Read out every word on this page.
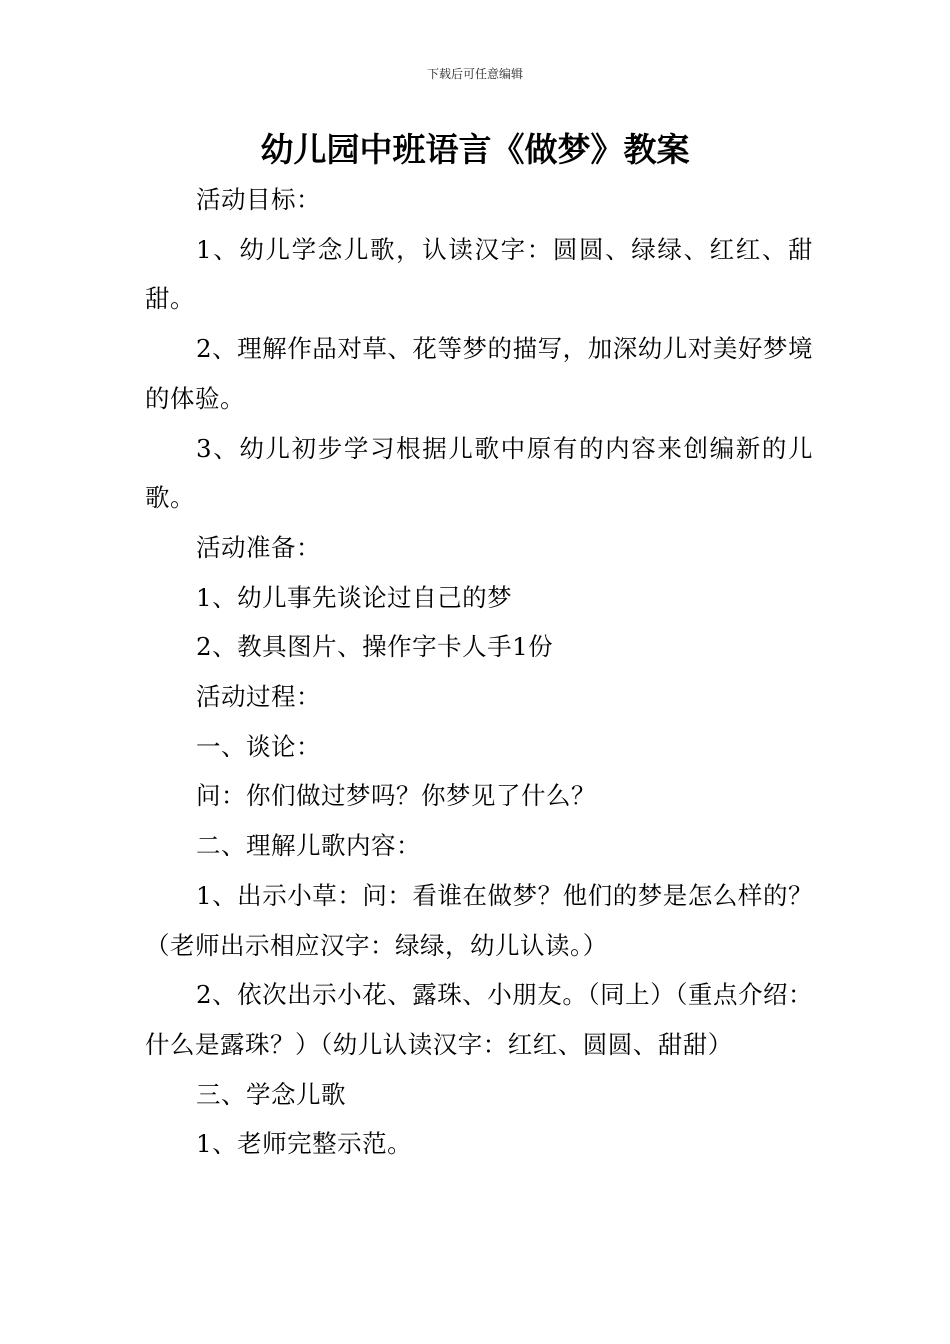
下载后可任意编辑
幼儿园中班语言《做梦》教案

活动目标：

1、幼儿学念儿歌，认读汉字：圆圆、绿绿、红红、甜甜。

2、理解作品对草、花等梦的描写，加深幼儿对美好梦境的体验。

3、幼儿初步学习根据儿歌中原有的内容来创编新的儿歌。

活动准备：

1、幼儿事先谈论过自己的梦

2、教具图片、操作字卡人手1份

活动过程：

一、谈论：

问：你们做过梦吗？你梦见了什么？

二、理解儿歌内容：

1、出示小草：问：看谁在做梦？他们的梦是怎么样的？（老师出示相应汉字：绿绿，幼儿认读。）

2、依次出示小花、露珠、小朋友。（同上）（重点介绍：什么是露珠？）（幼儿认读汉字：红红、圆圆、甜甜）

三、学念儿歌

1、老师完整示范。
